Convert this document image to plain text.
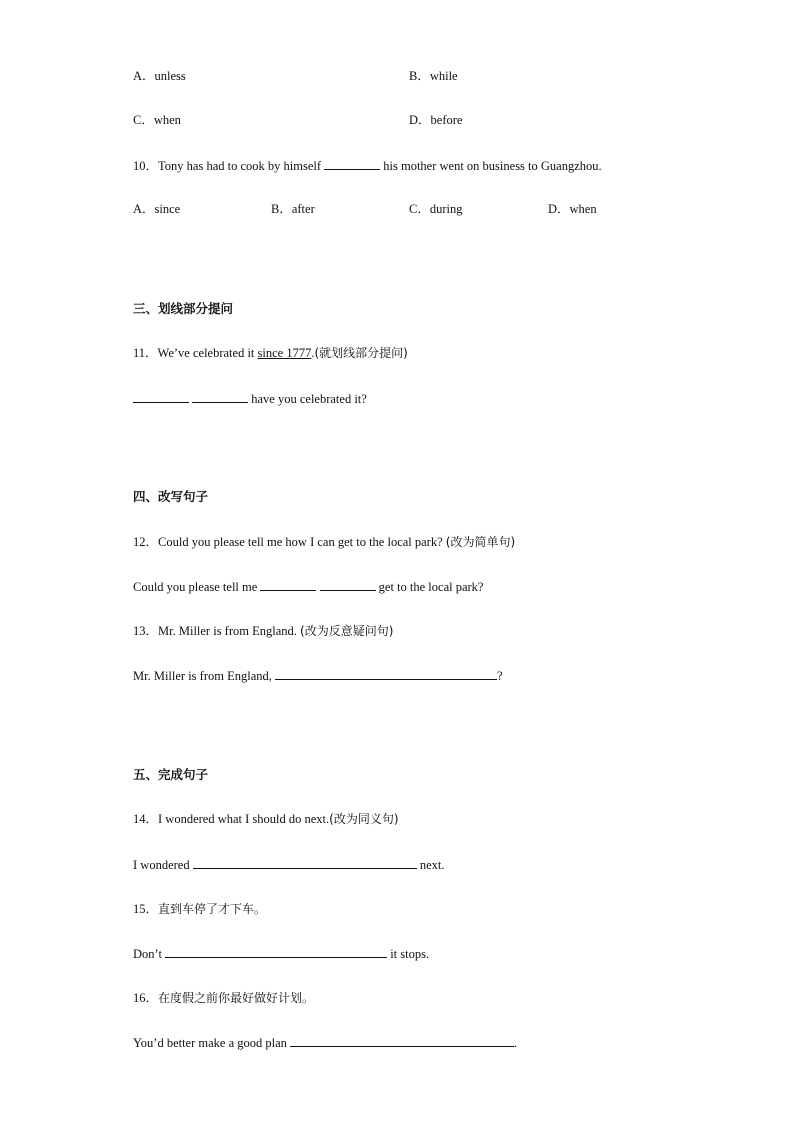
A．unless	B．while
C．when	D．before
10．Tony has had to cook by himself	his mother went on business to Guangzhou.
A．since	B．after	C．during	D．when
三、划线部分提问
11．We’ve celebrated it since 1777.(就划线部分提问)
have you celebrated it?
四、改写句子
12．Could you please tell me how I can get to the local park? (改为简单句)
Could you please tell me	get to the local park?
13．Mr. Miller is from England. (改为反意疑问句)
Mr. Miller is from England,	?
五、完成句子
14．I wondered what I should do next.(改为同义句)
I wondered	next.
15．直到车停了才下车。
Don’t	it stops.
16．在度假之前你最好做好计划。
You’d better make a good plan	.
